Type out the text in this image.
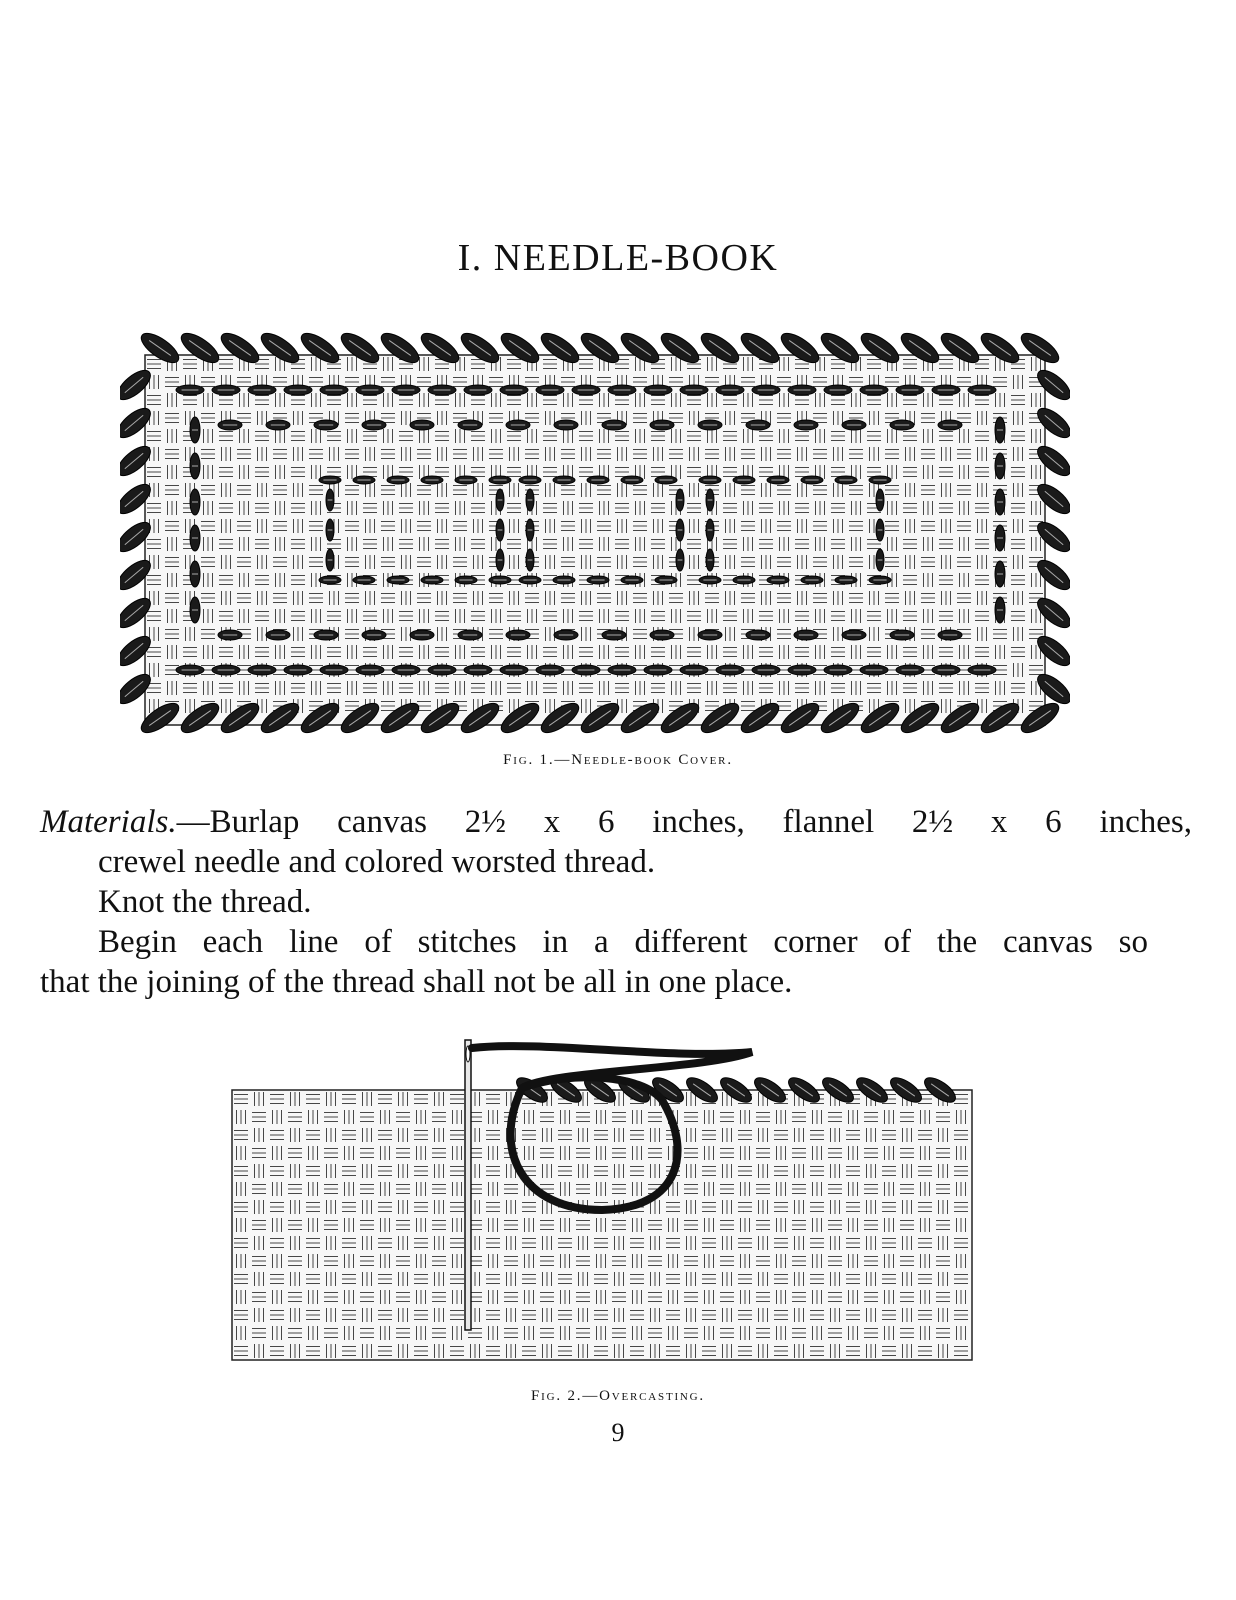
I. NEEDLE-BOOK
Fig. 1.—Needle-book Cover.
Materials.—Burlap canvas 2½ x 6 inches, flannel 2½ x 6 inches,
crewel needle and colored worsted thread.
Knot the thread.
Begin each line of stitches in a different corner of the canvas so
that the joining of the thread shall not be all in one place.
Fig. 2.—Overcasting.
9
